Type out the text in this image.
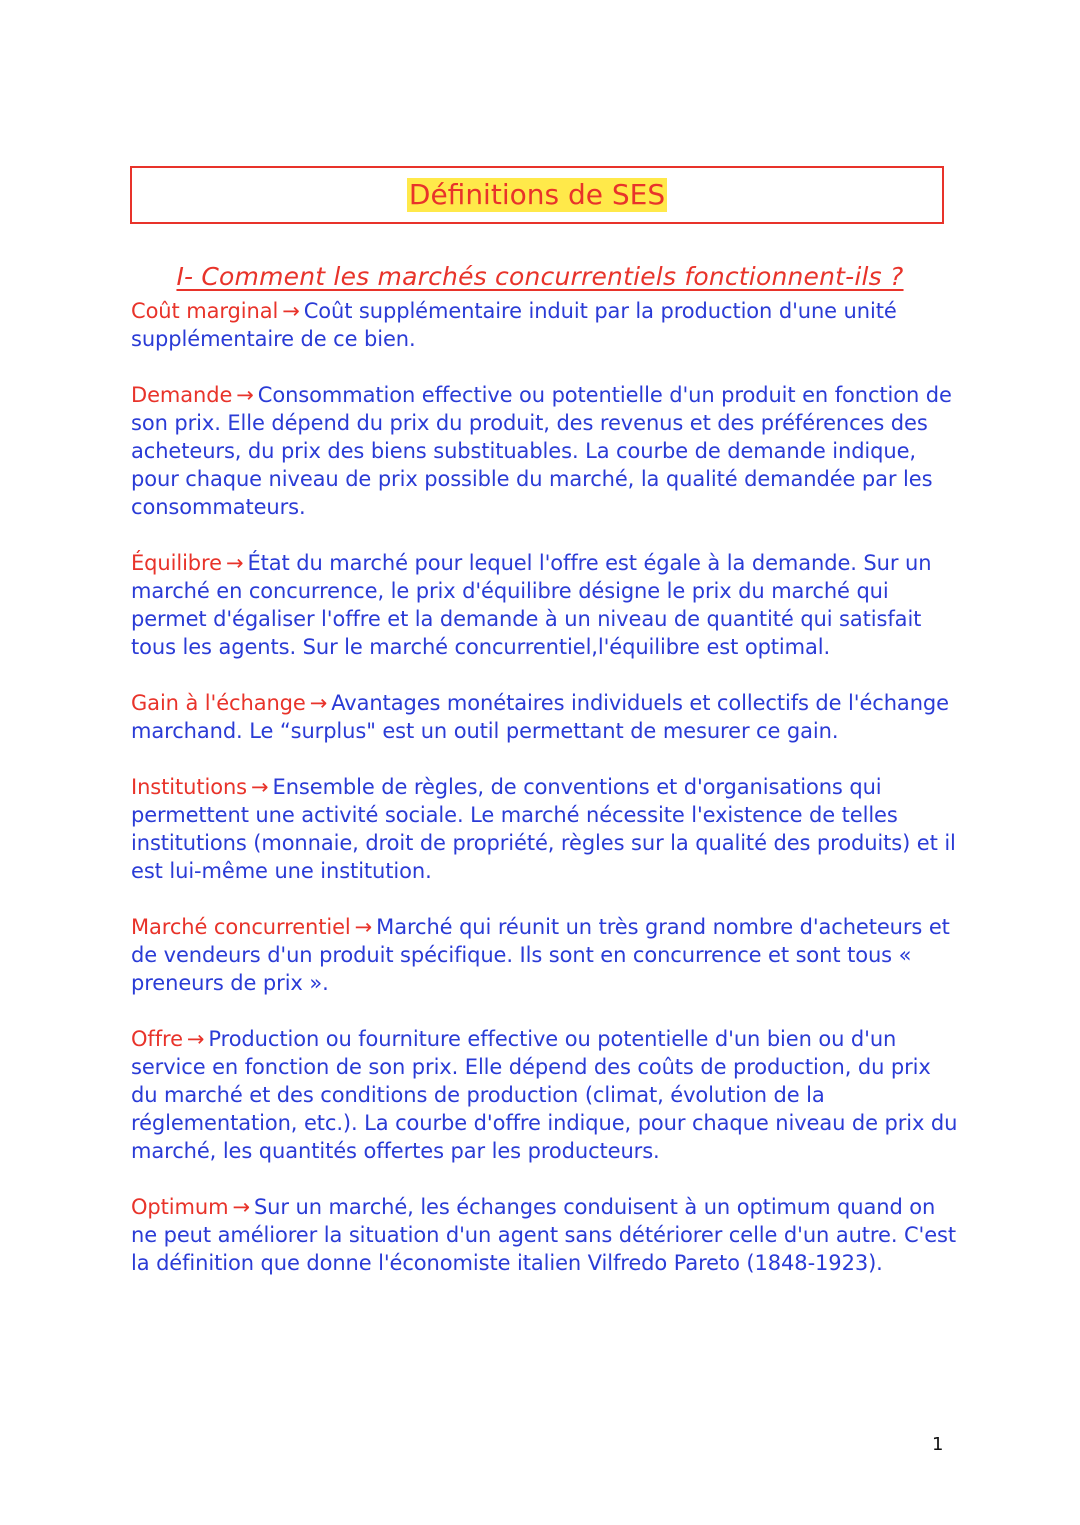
Définitions de SES
I- Comment les marchés concurrentiels fonctionnent-ils ?

Coût marginal → Coût supplémentaire induit par la production d'une unité supplémentaire de ce bien.

Demande → Consommation effective ou potentielle d'un produit en fonction de son prix. Elle dépend du prix du produit, des revenus et des préférences des acheteurs, du prix des biens substituables. La courbe de demande indique, pour chaque niveau de prix possible du marché, la qualité demandée par les consommateurs.

Équilibre → État du marché pour lequel l'offre est égale à la demande. Sur un marché en concurrence, le prix d'équilibre désigne le prix du marché qui permet d'égaliser l'offre et la demande à un niveau de quantité qui satisfait tous les agents. Sur le marché concurrentiel,l'équilibre est optimal.

Gain à l'échange → Avantages monétaires individuels et collectifs de l'échange marchand. Le “surplus" est un outil permettant de mesurer ce gain.

Institutions → Ensemble de règles, de conventions et d'organisations qui permettent une activité sociale. Le marché nécessite l'existence de telles institutions (monnaie, droit de propriété, règles sur la qualité des produits) et il est lui-même une institution.

Marché concurrentiel → Marché qui réunit un très grand nombre d'acheteurs et de vendeurs d'un produit spécifique. Ils sont en concurrence et sont tous « preneurs de prix ».

Offre → Production ou fourniture effective ou potentielle d'un bien ou d'un service en fonction de son prix. Elle dépend des coûts de production, du prix du marché et des conditions de production (climat, évolution de la réglementation, etc.). La courbe d'offre indique, pour chaque niveau de prix du marché, les quantités offertes par les producteurs.

Optimum → Sur un marché, les échanges conduisent à un optimum quand on ne peut améliorer la situation d'un agent sans détériorer celle d'un autre. C'est la définition que donne l'économiste italien Vilfredo Pareto (1848-1923).

1
